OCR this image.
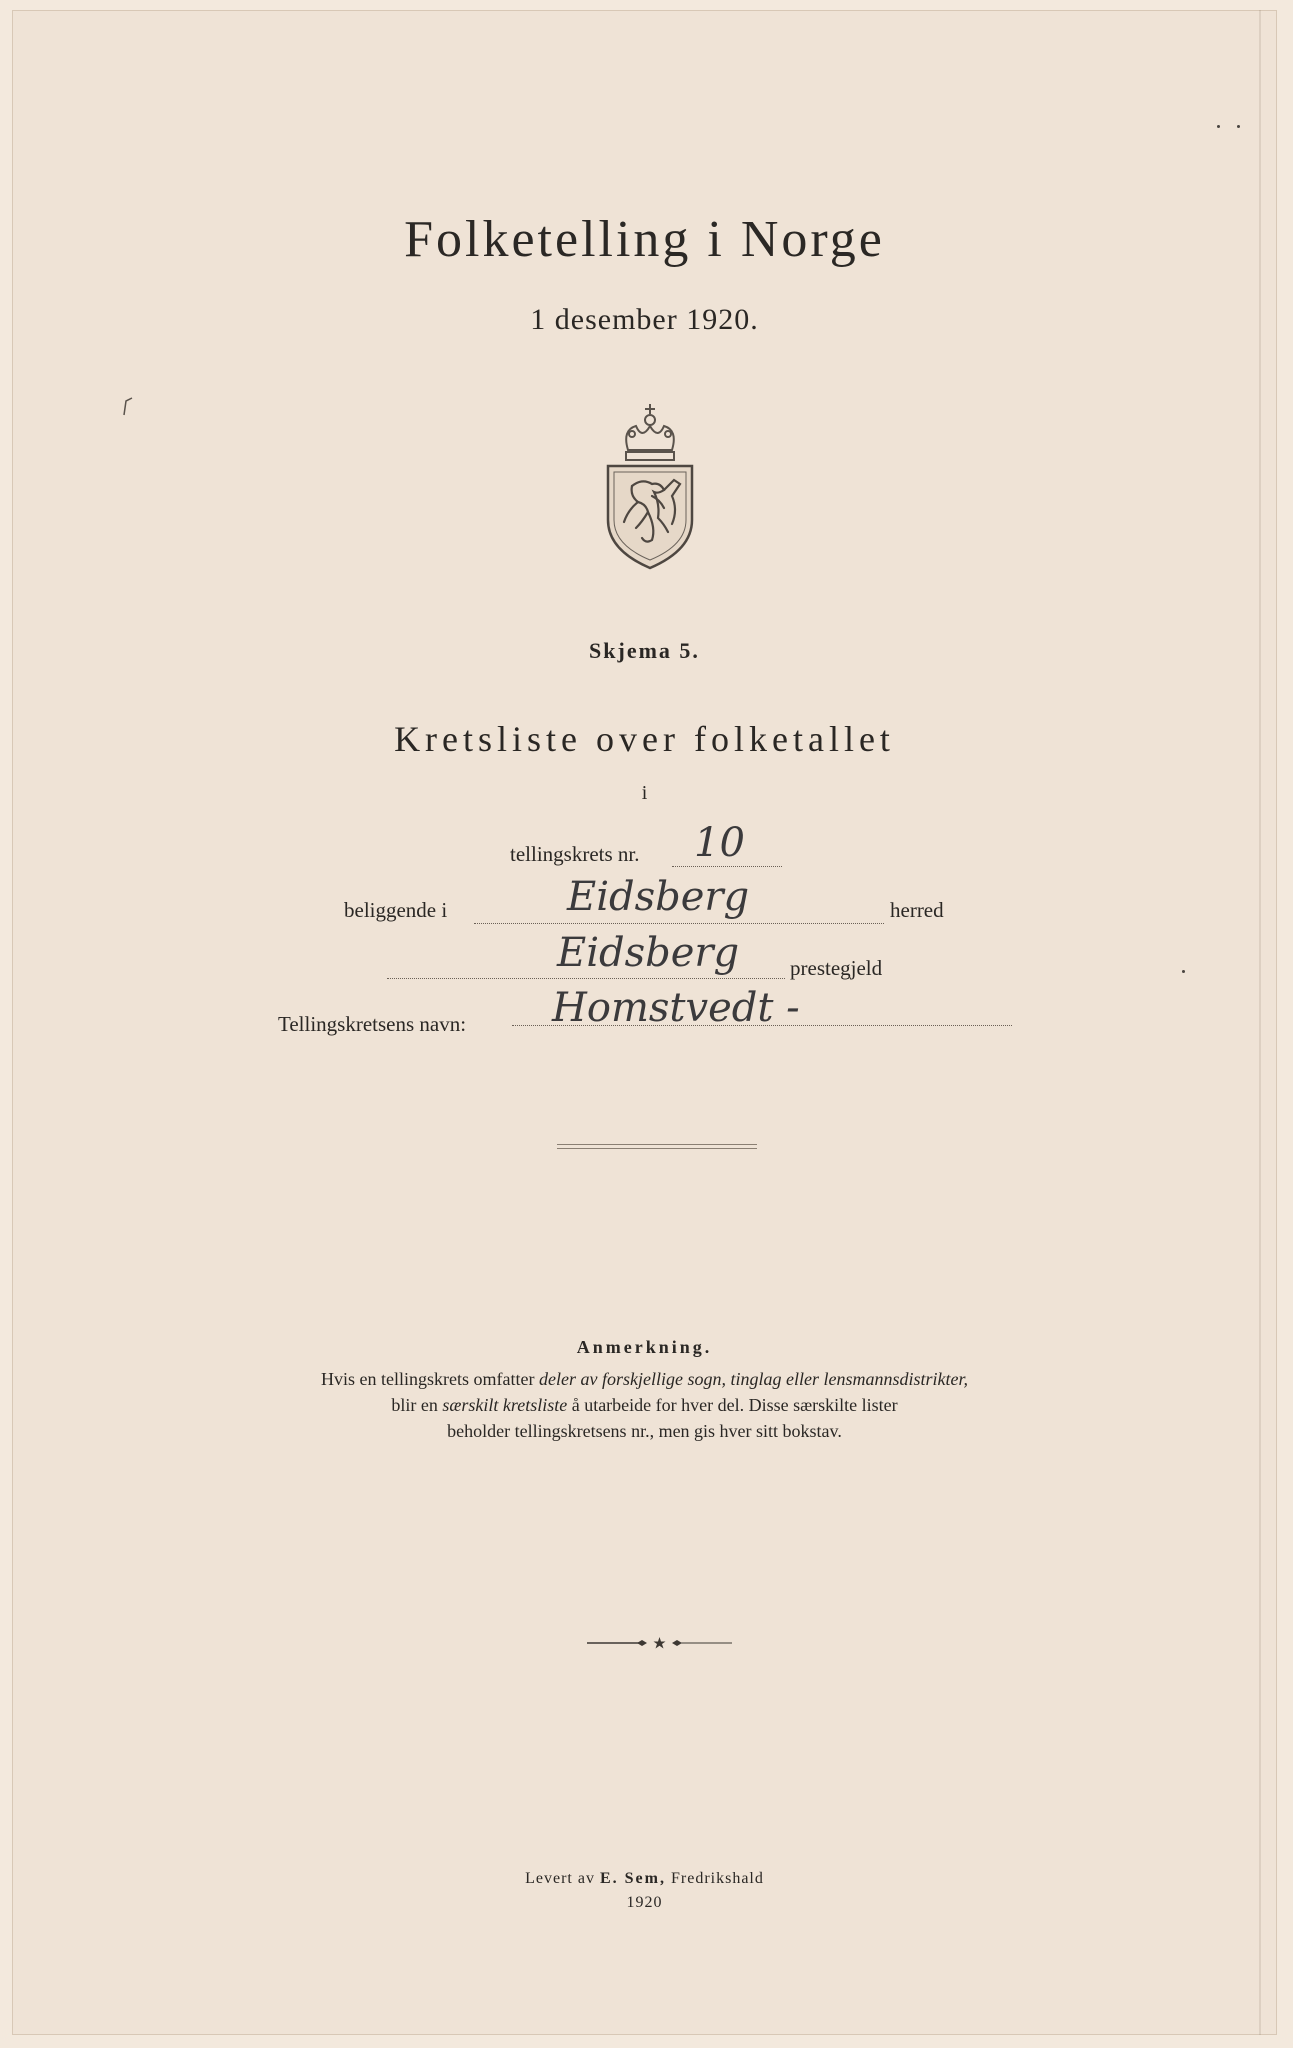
Folketelling i Norge
1 desember 1920.
Skjema 5.
Kretsliste over folketallet
i
tellingskrets nr. 10
beliggende i	Eidsberg	herred
Eidsberg prestegjeld
Tellingskretsens navn: Homstvedt -
Anmerkning.
Hvis en tellingskrets omfatter deler av forskjellige sogn, tinglag eller lensmannsdistrikter,
blir en særskilt kretsliste å utarbeide for hver del. Disse særskilte lister
beholder tellingskretsens nr., men gis hver sitt bokstav.
Levert av E. Sem, Fredrikshald
1920
